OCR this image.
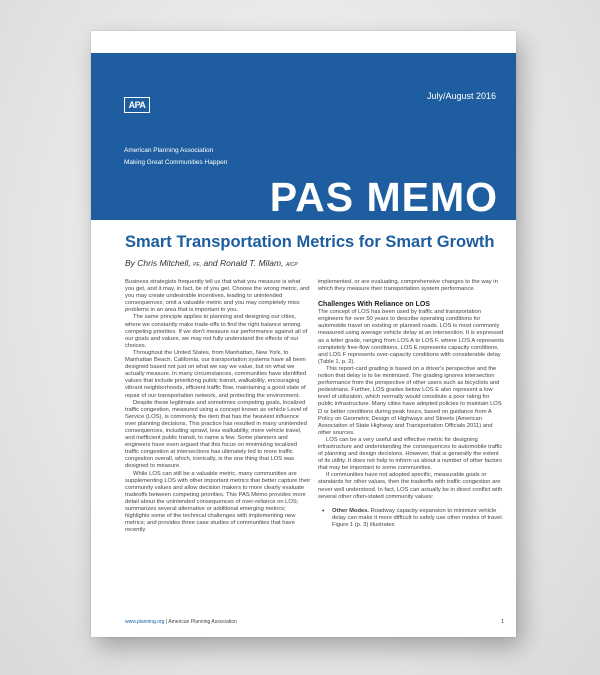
APA
American Planning Association
Making Great Communities Happen
July/August 2016
PAS MEMO
Smart Transportation Metrics for Smart Growth
By Chris Mitchell, PE, and Ronald T. Milam, AICP

Business strategists frequently tell us that what you measure is what you get, and it may, in fact, be of you get. Choose the wrong metric, and you may create undesirable incentives, leading to unintended consequences; omit a valuable metric and you may completely miss problems in an area that is important to you.

The same principle applies to planning and designing our cities, where we constantly make trade-offs to find the right balance among competing priorities. If we don't measure our performance against all of our goals and values, we may not fully understand the effects of our choices.

Throughout the United States, from Manhattan, New York, to Manhattan Beach, California, our transportation systems have all been designed based not just on what we say we value, but on what we actually measure. In many circumstances, communities have identified values that include prioritizing public transit, walkability, encouraging vibrant neighborhoods, efficient traffic flow, maintaining a good state of repair of our transportation network, and protecting the environment.

Despite these legitimate and sometimes competing goals, localized traffic congestion, measured using a concept known as vehicle Level of Service (LOS), is commonly the item that has the heaviest influence over planning decisions. This practice has resulted in many unintended consequences, including sprawl, less walkability, more vehicle travel, and inefficient public transit, to name a few. Some planners and engineers have even argued that this focus on minimizing localized traffic congestion at intersections has ultimately led to more traffic congestion overall, which, ironically, is the one thing that LOS was designed to measure.

While LOS can still be a valuable metric, many communities are supplementing LOS with other important metrics that better capture their community values and allow decision makers to more clearly evaluate tradeoffs between competing priorities. This PAS Memo provides more detail about the unintended consequences of over-reliance on LOS; summarizes several alternative or additional emerging metrics; highlights some of the technical challenges with implementing new metrics; and provides three case studies of communities that have recently

implemented, or are evaluating, comprehensive changes to the way in which they measure their transportation system performance.

Challenges With Reliance on LOS

The concept of LOS has been used by traffic and transportation engineers for over 50 years to describe operating conditions for automobile travel on existing or planned roads. LOS is most commonly measured using average vehicle delay at an intersection. It is expressed as a letter grade, ranging from LOS A to LOS F, where LOS A represents completely free-flow conditions, LOS E represents capacity conditions, and LOS F represents over-capacity conditions with considerable delay (Table 1, p. 2).

This report-card grading is based on a driver's perspective and the notion that delay is to be minimized. The grading ignores intersection performance from the perspective of other users such as bicyclists and pedestrians. Further, LOS grades below LOS E also represent a low level of utilization, which normally would constitute a poor rating for public infrastructure. Many cities have adopted policies to maintain LOS D or better conditions during peak hours, based on guidance from A Policy on Geometric Design of Highways and Streets (American Association of State Highway and Transportation Officials 2011) and other sources.

LOS can be a very useful and effective metric for designing infrastructure and understanding the consequences to automobile traffic of planning and design decisions. However, that is generally the extent of its utility. It does not help to inform us about a number of other factors that may be important to some communities.

If communities have not adopted specific, measurable goals or standards for other values, then the tradeoffs with traffic congestion are never well understood. In fact, LOS can actually be in direct conflict with several other often-stated community values:

• Other Modes. Roadway capacity expansion to minimize vehicle delay can make it more difficult to safely use other modes of travel. Figure 1 (p. 3) illustrates

www.planning.org | American Planning Association	1
